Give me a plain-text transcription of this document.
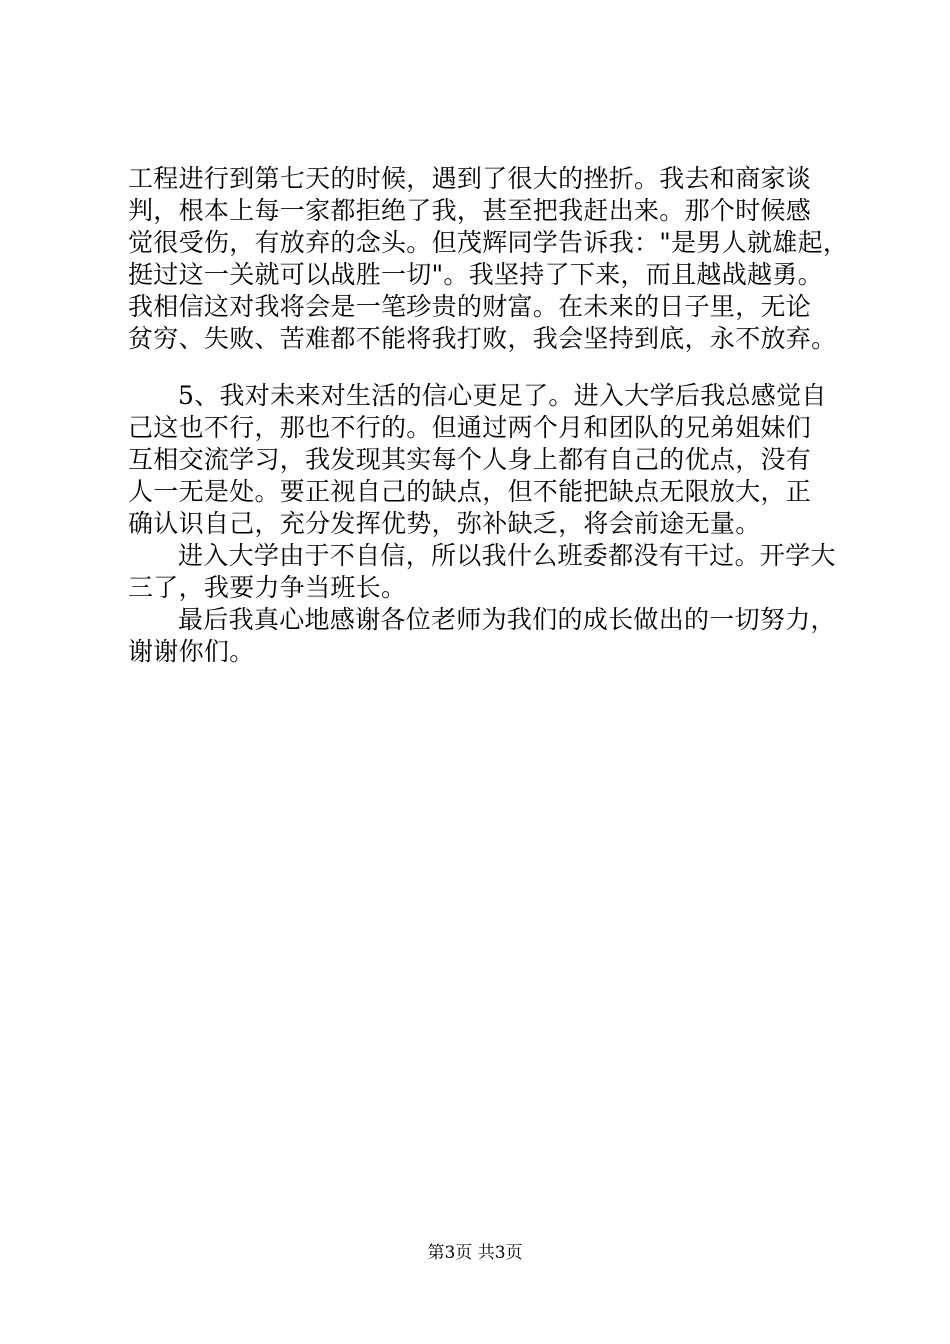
工程进行到第七天的时候，遇到了很大的挫折。我去和商家谈
判，根本上每一家都拒绝了我，甚至把我赶出来。那个时候感
觉很受伤，有放弃的念头。但茂辉同学告诉我："是男人就雄起，
挺过这一关就可以战胜一切"。我坚持了下来，而且越战越勇。
我相信这对我将会是一笔珍贵的财富。在未来的日子里，无论
贫穷、失败、苦难都不能将我打败，我会坚持到底，永不放弃。
5、我对未来对生活的信心更足了。进入大学后我总感觉自
己这也不行，那也不行的。但通过两个月和团队的兄弟姐妹们
互相交流学习，我发现其实每个人身上都有自己的优点，没有
人一无是处。要正视自己的缺点，但不能把缺点无限放大，正
确认识自己，充分发挥优势，弥补缺乏，将会前途无量。
进入大学由于不自信，所以我什么班委都没有干过。开学大
三了，我要力争当班长。
最后我真心地感谢各位老师为我们的成长做出的一切努力，
谢谢你们。
第3页 共3页
